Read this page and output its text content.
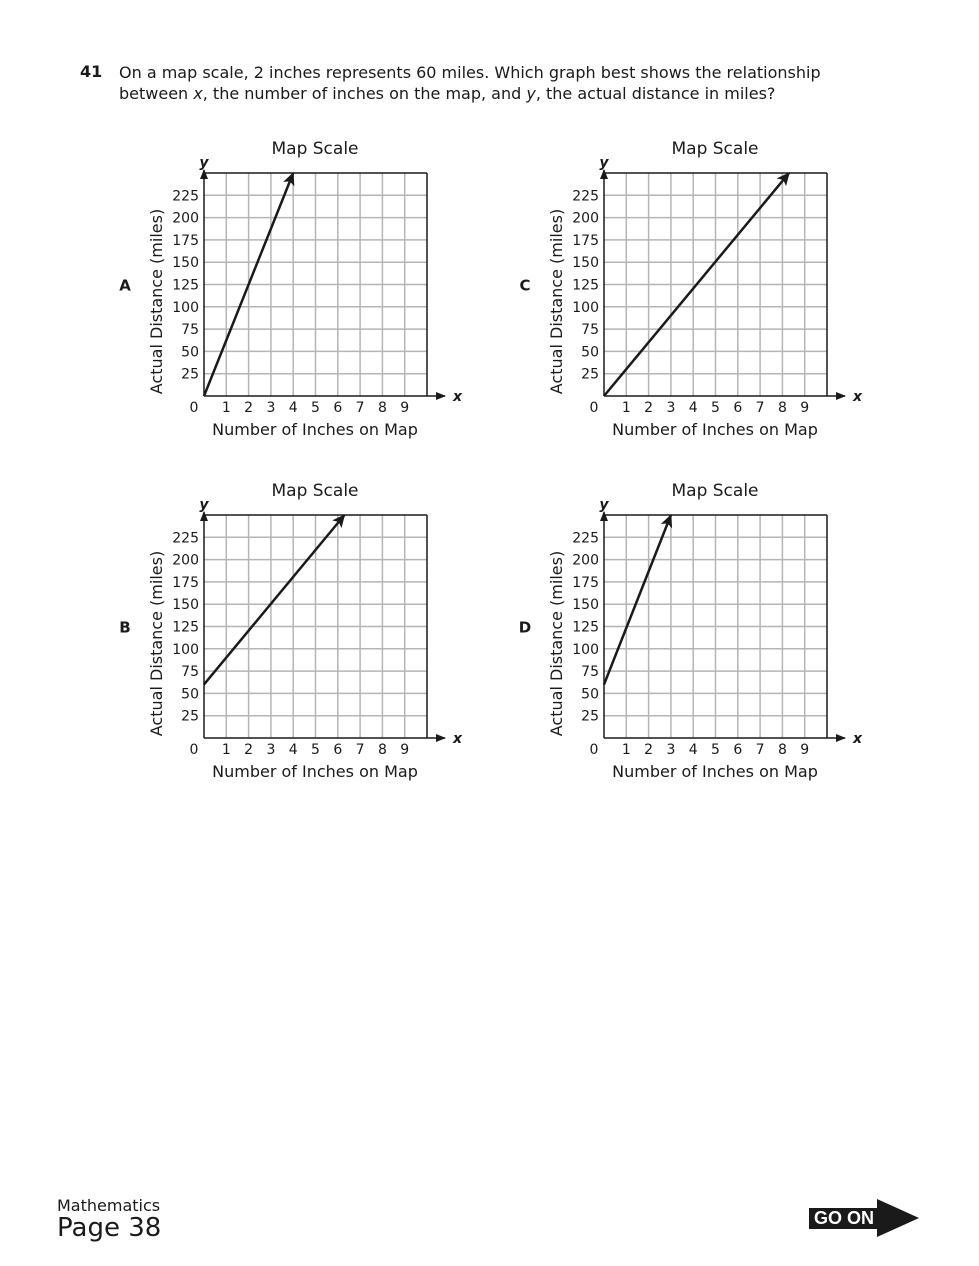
41 On a map scale, 2 inches represents 60 miles. Which graph best shows the relationship between x, the number of inches on the map, and y, the actual distance in miles?
Map Scale
y
x
0 1 2 3 4 5 6 7 8 9
25
50
75
100
125
150
175
200
225
Number of Inches on Map
Actual Distance (miles)
A
Map Scale
y
x
0 1 2 3 4 5 6 7 8 9
25
50
75
100
125
150
175
200
225
Number of Inches on Map
Actual Distance (miles)
B
Map Scale
y
x
0 1 2 3 4 5 6 7 8 9
25
50
75
100
125
150
175
200
225
Number of Inches on Map
Actual Distance (miles)
C
Map Scale
y
x
0 1 2 3 4 5 6 7 8 9
25
50
75
100
125
150
175
200
225
Number of Inches on Map
Actual Distance (miles)
D
Mathematics
Page 38	GO ON
